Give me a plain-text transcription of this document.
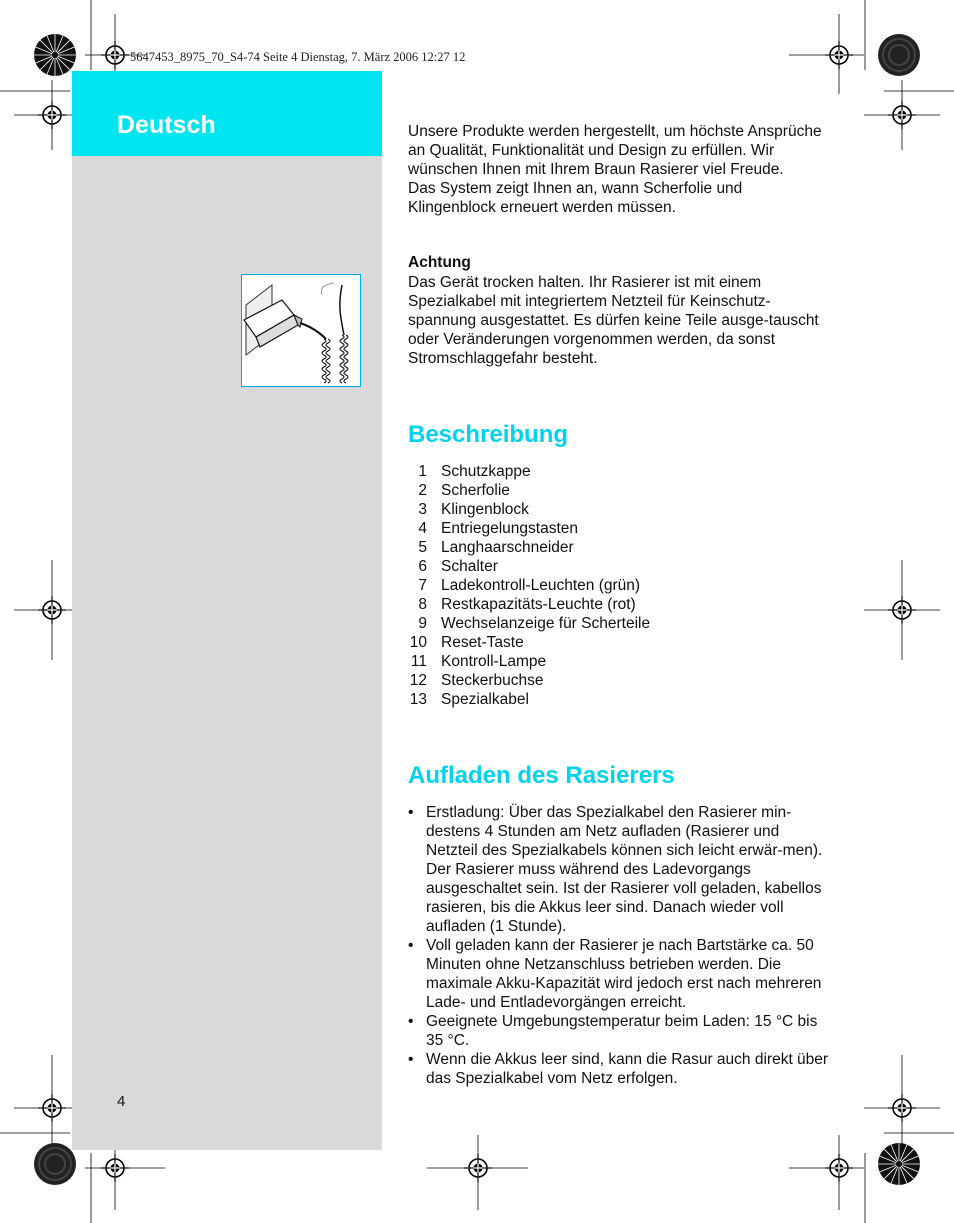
Deutsch
5647453_8975_70_S4-74 Seite 4 Dienstag, 7. März 2006 12:27 12

Unsere Produkte werden hergestellt, um höchste Ansprüche an Qualität, Funktionalität und Design zu erfüllen. Wir wünschen Ihnen mit Ihrem Braun Rasierer viel Freude.

Das System zeigt Ihnen an, wann Scherfolie und Klingenblock erneuert werden müssen.

Achtung
Das Gerät trocken halten. Ihr Rasierer ist mit einem Spezialkabel mit integriertem Netzteil für Keinschutz-spannung ausgestattet. Es dürfen keine Teile ausge-tauscht oder Veränderungen vorgenommen werden, da sonst Stromschlaggefahr besteht.
Beschreibung
1 Schutzkappe
2 Scherfolie
3 Klingenblock
4 Entriegelungstasten
5 Langhaarschneider
6 Schalter
7 Ladekontroll-Leuchten (grün)
8 Restkapazitäts-Leuchte (rot)
9 Wechselanzeige für Scherteile
10 Reset-Taste
11 Kontroll-Lampe
12 Steckerbuchse
13 Spezialkabel
Aufladen des Rasierers
• Erstladung: Über das Spezialkabel den Rasierer min-destens 4 Stunden am Netz aufladen (Rasierer und Netzteil des Spezialkabels können sich leicht erwär-men). Der Rasierer muss während des Ladevorgangs ausgeschaltet sein. Ist der Rasierer voll geladen, kabellos rasieren, bis die Akkus leer sind. Danach wieder voll aufladen (1 Stunde).
• Voll geladen kann der Rasierer je nach Bartstärke ca. 50 Minuten ohne Netzanschluss betrieben werden. Die maximale Akku-Kapazität wird jedoch erst nach mehreren Lade- und Entladevorgängen erreicht.
• Geeignete Umgebungstemperatur beim Laden: 15 °C bis 35 °C.
• Wenn die Akkus leer sind, kann die Rasur auch direkt über das Spezialkabel vom Netz erfolgen.
4
